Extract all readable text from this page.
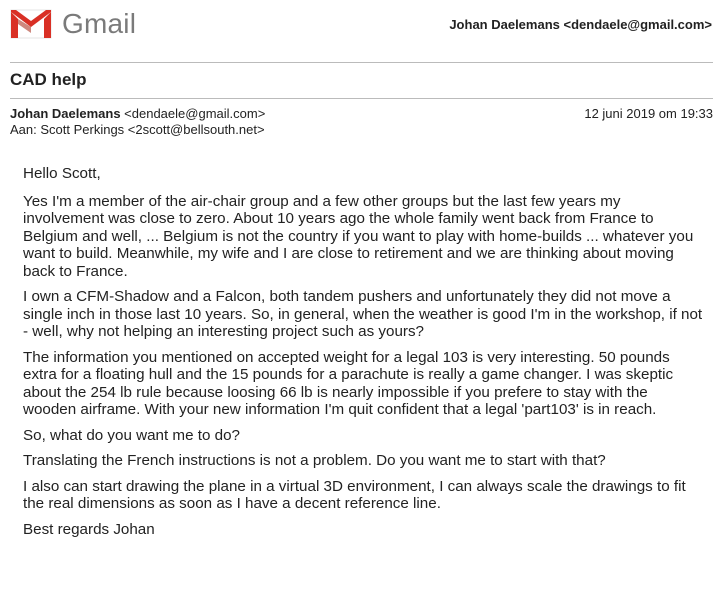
Gmail	Johan Daelemans <dendaele@gmail.com>
CAD help
Johan Daelemans <dendaele@gmail.com>
Aan: Scott Perkings <2scott@bellsouth.net>
12 juni 2019 om 19:33

Hello Scott,

Yes I'm a member of the air-chair group and a few other groups but the last few years my involvement was close to zero. About 10 years ago the whole family went back from France to Belgium and well, ... Belgium is not the country if you want to play with home-builds ... whatever you want to build. Meanwhile, my wife and I are close to retirement and we are thinking about moving back to France.

I own a CFM-Shadow and a Falcon, both tandem pushers and unfortunately they did not move a single inch in those last 10 years. So, in general, when the weather is good I'm in the workshop, if not - well, why not helping an interesting project such as yours?

The information you mentioned on accepted weight for a legal 103 is very interesting. 50 pounds extra for a floating hull and the 15 pounds for a parachute is really a game changer. I was skeptic about the 254 lb rule because loosing 66 lb is nearly impossible if you prefere to stay with the wooden airframe. With your new information I'm quit confident that a legal 'part103' is in reach.

So, what do you want me to do?

Translating the French instructions is not a problem. Do you want me to start with that?

I also can start drawing the plane in a virtual 3D environment, I can always scale the drawings to fit the real dimensions as soon as I have a decent reference line.

Best regards Johan
